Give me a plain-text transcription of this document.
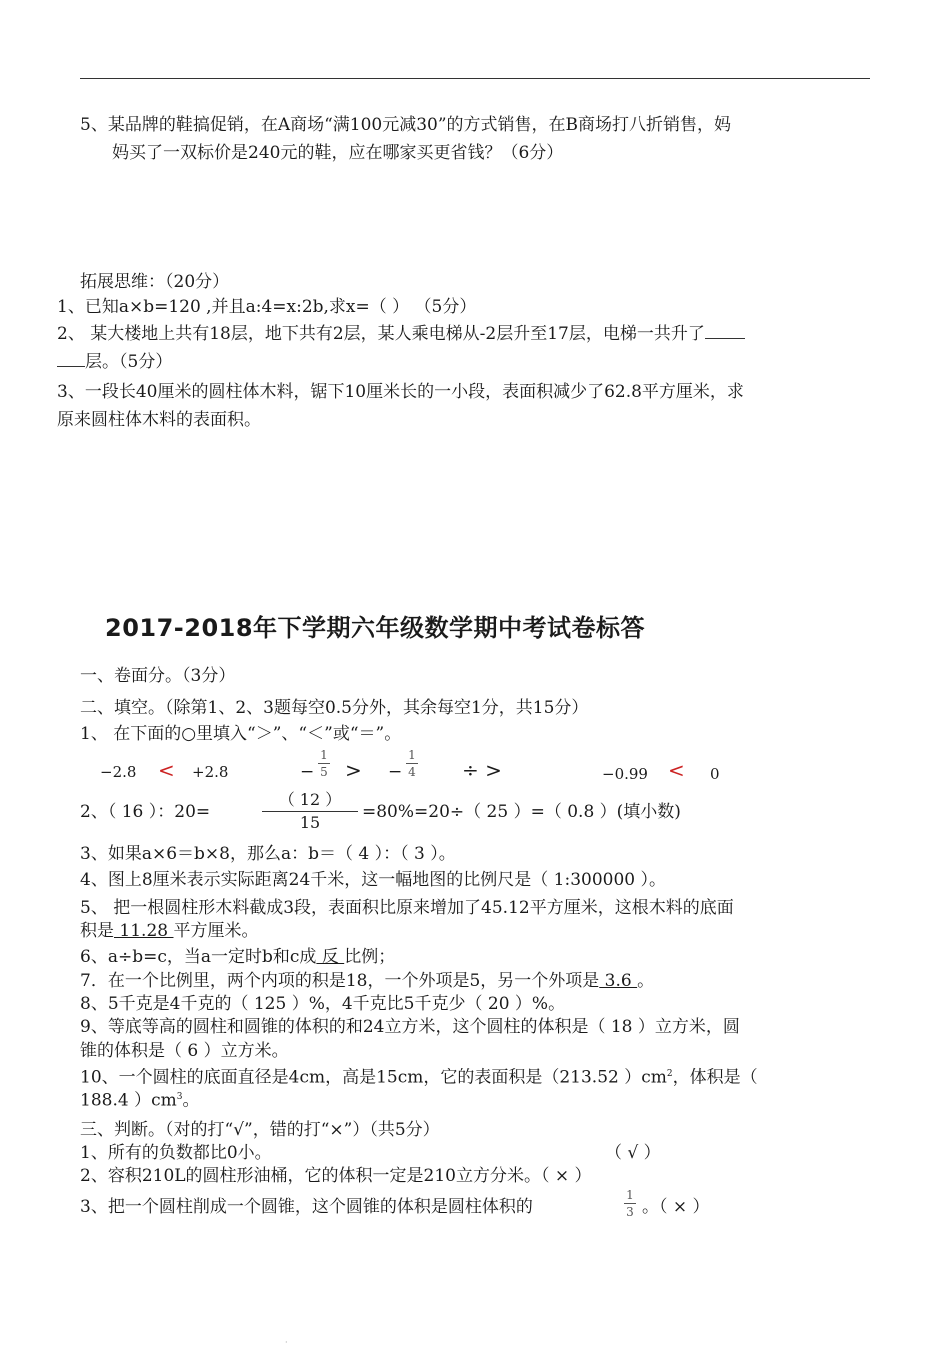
5、某品牌的鞋搞促销，在A商场“满100元减30”的方式销售，在B商场打八折销售，妈
妈买了一双标价是240元的鞋，应在哪家买更省钱？（6分）
拓展思维：（20分）
1、已知a×b=120 ,并且a:4=x:2b,求x=（ ） （5分）
2、 某大楼地上共有18层，地下共有2层，某人乘电梯从-2层升至17层，电梯一共升了
层。（5分）
3、一段长40厘米的圆柱体木料，锯下10厘米长的一小段，表面积减少了62.8平方厘米，求
原来圆柱体木料的表面积。
2017-2018年下学期六年级数学期中考试卷标答
一、卷面分。（3分）
二、填空。（除第1、2、3题每空0.5分外，其余每空1分，共15分）
1、 在下面的○里填入“＞”、“＜”或“＝”。
−2.8 < +2.8	−
1
5 > −
1
4 ÷ >	−0.99 < 0
2、（ 16 ）：20=
（ 12 ）
15
=80%=20÷（ 25 ）=（ 0.8 ）(填小数)
3、如果a×6＝b×8，那么a：b＝（ 4 ）：（ 3 ）。
4、图上8厘米表示实际距离24千米，这一幅地图的比例尺是（ 1:300000 ）。
5、 把一根圆柱形木料截成3段，表面积比原来增加了45.12平方厘米，这根木料的底面
积是 11.28 平方厘米。
6、a÷b=c，当a一定时b和c成 反 比例；
7．在一个比例里，两个内项的积是18，一个外项是5，另一个外项是 3.6 。
8、5千克是4千克的（ 125 ）%，4千克比5千克少（ 20 ）%。
9、等底等高的圆柱和圆锥的体积的和24立方米，这个圆柱的体积是（ 18 ）立方米，圆
锥的体积是（ 6 ）立方米。
10、一个圆柱的底面直径是4cm，高是15cm，它的表面积是（213.52 ）$cm^2$，体积是（
188.4 ）$cm^3$。
三、判断。（对的打“√”，错的打“×”）（共5分）
1、所有的负数都比0小。	（ √ ）
2、容积210L的圆柱形油桶，它的体积一定是210立方分米。（ × ）
3、把一个圆柱削成一个圆锥，这个圆锥的体积是圆柱体积的
1
3 。（ × ）
·
